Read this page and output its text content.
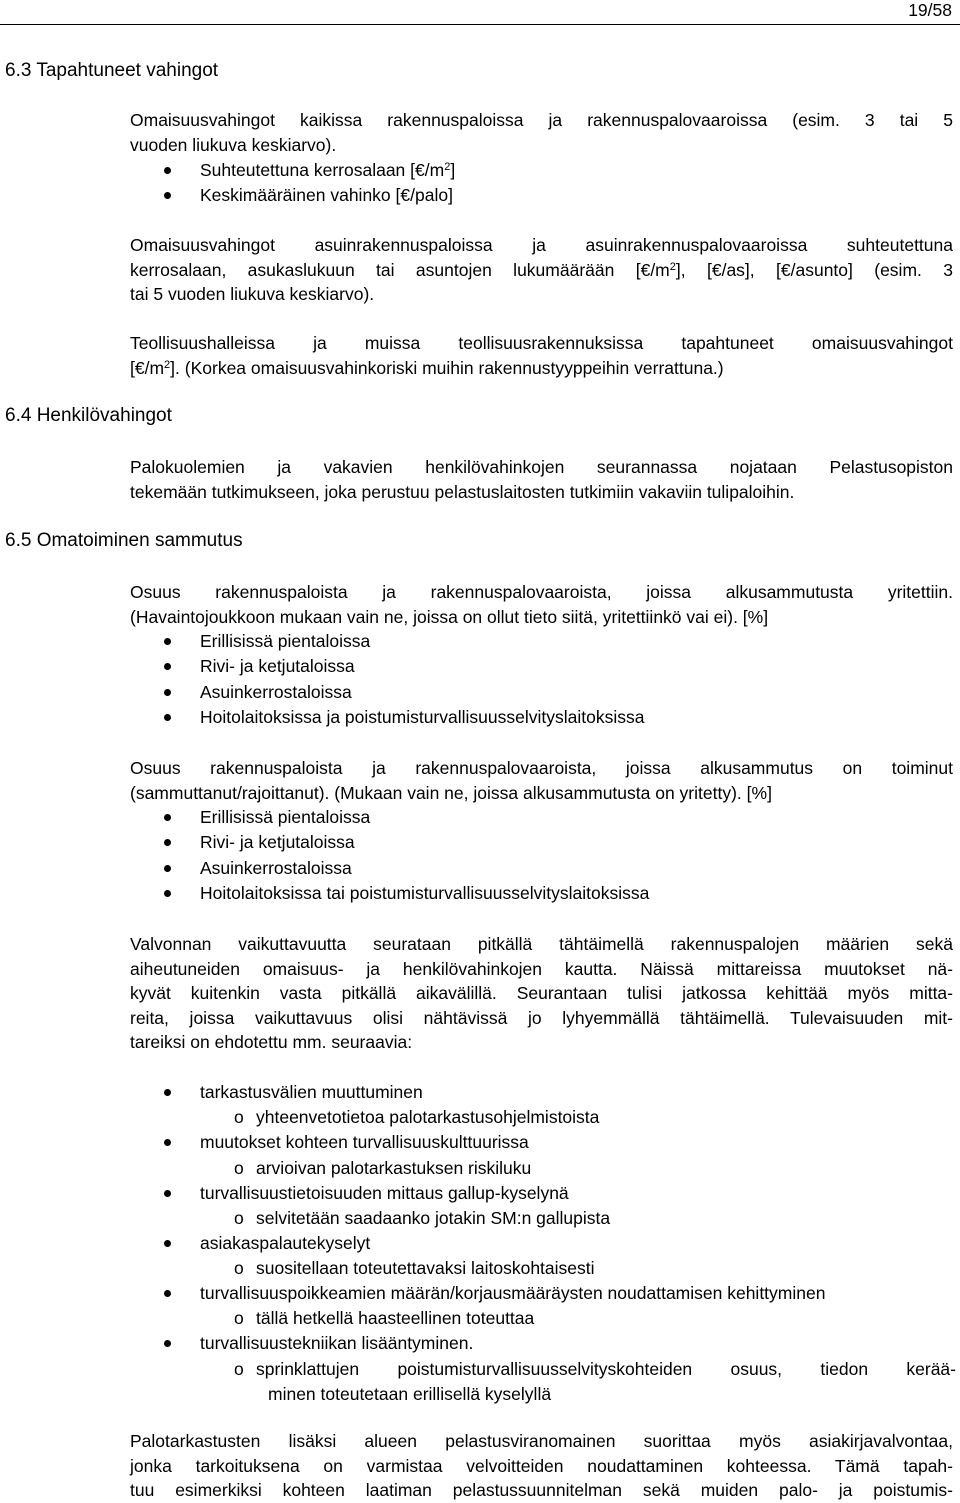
19/58
6.3 Tapahtuneet vahingot
Omaisuusvahingot kaikissa rakennuspaloissa ja rakennuspalovaaroissa (esim. 3 tai 5
vuoden liukuva keskiarvo).
Suhteutettuna kerrosalaan $[€/m^2]$
Keskimääräinen vahinko [€/palo]
Omaisuusvahingot asuinrakennuspaloissa ja asuinrakennuspalovaaroissa suhteutettuna
kerrosalaan, asukaslukuun tai asuntojen lukumäärään $[€/m^2]$, [€/as], [€/asunto] (esim. 3
tai 5 vuoden liukuva keskiarvo).
Teollisuushalleissa ja muissa teollisuusrakennuksissa tapahtuneet omaisuusvahingot
$[€/m^2]$. (Korkea omaisuusvahinkoriski muihin rakennustyyppeihin verrattuna.)
6.4 Henkilövahingot
Palokuolemien ja vakavien henkilövahinkojen seurannassa nojataan Pelastusopiston
tekemään tutkimukseen, joka perustuu pelastuslaitosten tutkimiin vakaviin tulipaloihin.
6.5 Omatoiminen sammutus
Osuus rakennuspaloista ja rakennuspalovaaroista, joissa alkusammutusta yritettiin.
(Havaintojoukkoon mukaan vain ne, joissa on ollut tieto siitä, yritettiinkö vai ei). [%]
Erillisissä pientaloissa
Rivi- ja ketjutaloissa
Asuinkerrostaloissa
Hoitolaitoksissa ja poistumisturvallisuusselvityslaitoksissa
Osuus rakennuspaloista ja rakennuspalovaaroista, joissa alkusammutus on toiminut
(sammuttanut/rajoittanut). (Mukaan vain ne, joissa alkusammutusta on yritetty). [%]
Erillisissä pientaloissa
Rivi- ja ketjutaloissa
Asuinkerrostaloissa
Hoitolaitoksissa tai poistumisturvallisuusselvityslaitoksissa
Valvonnan vaikuttavuutta seurataan pitkällä tähtäimellä rakennuspalojen määrien sekä
aiheutuneiden omaisuus- ja henkilövahinkojen kautta. Näissä mittareissa muutokset nä-
kyvät kuitenkin vasta pitkällä aikavälillä. Seurantaan tulisi jatkossa kehittää myös mitta-
reita, joissa vaikuttavuus olisi nähtävissä jo lyhyemmällä tähtäimellä. Tulevaisuuden mit-
tareiksi on ehdotettu mm. seuraavia:
tarkastusvälien muuttuminen
o yhteenvetotietoa palotarkastusohjelmistoista
muutokset kohteen turvallisuuskulttuurissa
o arvioivan palotarkastuksen riskiluku
turvallisuustietoisuuden mittaus gallup-kyselynä
o selvitetään saadaanko jotakin SM:n gallupista
asiakaspalautekyselyt
o suositellaan toteutettavaksi laitoskohtaisesti
turvallisuuspoikkeamien määrän/korjausmääräysten noudattamisen kehittyminen
o tällä hetkellä haasteellinen toteuttaa
turvallisuustekniikan lisääntyminen.
o sprinklattujen poistumisturvallisuusselvityskohteiden osuus, tiedon kerää-
minen toteutetaan erillisellä kyselyllä
Palotarkastusten lisäksi alueen pelastusviranomainen suorittaa myös asiakirjavalvontaa,
jonka tarkoituksena on varmistaa velvoitteiden noudattaminen kohteessa. Tämä tapah-
tuu esimerkiksi kohteen laatiman pelastussuunnitelman sekä muiden palo- ja poistumis-
